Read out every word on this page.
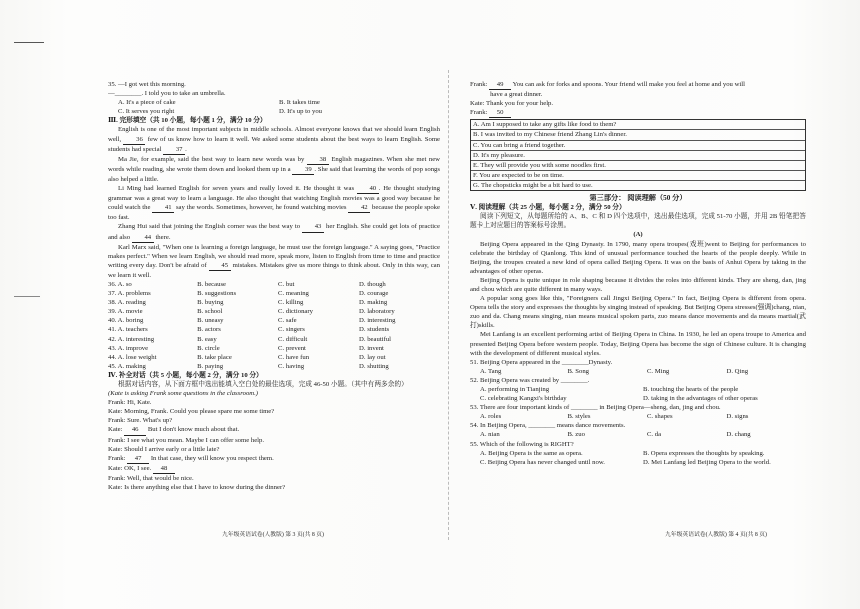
35. —I got wet this morning.
—________. I told you to take an umbrella.
A. It's a piece of cake	B. It takes time
C. It serves you right	D. It's up to you
Ⅲ. 完形填空（共 10 小题，每小题 1 分，满分 10 分）
English is one of the most important subjects in middle schools. Almost everyone knows that we should learn English well, 36 few of us know how to learn it well. We asked some students about the best ways to learn English. Some students had special 37 .
Ma Jie, for example, said the best way to learn new words was by 38 English magazines. When she met new words while reading, she wrote them down and looked them up in a 39 . She said that learning the words of pop songs also helped a little.
Li Ming had learned English for seven years and really loved it. He thought it was 40 . He thought studying grammar was a great way to learn a language. He also thought that watching English movies was a good way because he could watch the 41 say the words. Sometimes, however, he found watching movies 42 because the people spoke too fast.
Zhang Hui said that joining the English corner was the best way to 43 her English. She could get lots of practice and also 44 there.
Karl Marx said, "When one is learning a foreign language, he must use the foreign language." A saying goes, "Practice makes perfect." When we learn English, we should read more, speak more, listen to English from time to time and practice writing every day. Don't be afraid of 45 mistakes. Mistakes give us more things to think about. Only in this way, can we learn it well.
36. A. so	B. because	C. but	D. though
37. A. problems	B. suggestions	C. meaning	D. courage
38. A. reading	B. buying	C. killing	D. making
39. A. movie	B. school	C. dictionary	D. laboratory
40. A. boring	B. uneasy	C. safe	D. interesting
41. A. teachers	B. actors	C. singers	D. students
42. A. interesting	B. easy	C. difficult	D. beautiful
43. A. improve	B. circle	C. prevent	D. invent
44. A. lose weight	B. take place	C. have fun	D. lay out
45. A. making	B. paying	C. having	D. shutting
Ⅳ. 补全对话（共 5 小题，每小题 2 分，满分 10 分）
根据对话内容，从下面方框中选出能填入空白处的最佳选项，完成 46-50 小题。（其中有两多余的）
(Kate is asking Frank some questions in the classroom.)
Frank: Hi, Kate.
Kate: Morning, Frank. Could you please spare me some time?
Frank: Sure. What's up?
Kate: 46 But I don't know much about that.
Frank: I see what you mean. Maybe I can offer some help.
Kate: Should I arrive early or a little late?
Frank: 47 In that case, they will know you respect them.
Kate: OK, I see. 48
Frank: Well, that would be nice.
Kate: Is there anything else that I have to know during the dinner?
Frank: 49 You can ask for forks and spoons. Your friend will make you feel at home and you will
have a great dinner.
Kate: Thank you for your help.
Frank: 50
A. Am I supposed to take any gifts like food to them?
B. I was invited to my Chinese friend Zhang Lin's dinner.
C. You can bring a friend together.
D. It's my pleasure.
E. They will provide you with some noodles first.
F. You are expected to be on time.
G. The chopsticks might be a bit hard to use.
第三部分： 阅读理解（50 分）
Ⅴ. 阅读理解（共 25 小题，每小题 2 分，满分 50 分）
阅读下列短文，从每题所给的 A、B、C 和 D 四个选项中，选出最佳选项，完成 51-70 小题，并用 2B 铅笔把答题卡上对应题目的答案标号涂黑。
(A)
Beijing Opera appeared in the Qing Dynasty. In 1790, many opera troupes(戏班)went to Beijing for performances to celebrate the birthday of Qianlong. This kind of unusual performance touched the hearts of the people deeply. While in Beijing, the troupes created a new kind of opera called Beijing Opera. It was on the basis of Anhui Opera by taking in the advantages of other operas.
Beijing Opera is quite unique in role shaping because it divides the roles into different kinds. They are sheng, dan, jing and chou which are quite different in many ways.
A popular song goes like this, "Foreigners call Jingxi Beijing Opera." In fact, Beijing Opera is different from opera. Opera tells the story and expresses the thoughts by singing instead of speaking. But Beijing Opera stresses(强调)chang, nian, zuo and da. Chang means singing, nian means musical spoken parts, zuo means dance movements and da means martial(武打)skills.
Mei Lanfang is an excellent performing artist of Beijing Opera in China. In 1930, he led an opera troupe to America and presented Beijing Opera before western people. Today, Beijing Opera has become the sign of Chinese culture. It is changing with the development of different musical styles.
51. Beijing Opera appeared in the ________Dynasty.
A. Tang	B. Song	C. Ming	D. Qing
52. Beijing Opera was created by ________.
A. performing in Tianjing	B. touching the hearts of the people
C. celebrating Kangxi's birthday	D. taking in the advantages of other operas
53. There are four important kinds of ________ in Beijing Opera—sheng, dan, jing and chou.
A. roles	B. styles	C. shapes	D. signs
54. In Beijing Opera, ________ means dance movements.
A. nian	B. zuo	C. da	D. chang
55. Which of the following is RIGHT?
A. Beijing Opera is the same as opera.	B. Opera expresses the thoughts by speaking.
C. Beijing Opera has never changed until now.	D. Mei Lanfang led Beijing Opera to the world.
九年级英语试卷(人教版) 第 3 页(共 8 页)	九年级英语试卷(人教版) 第 4 页(共 8 页)
